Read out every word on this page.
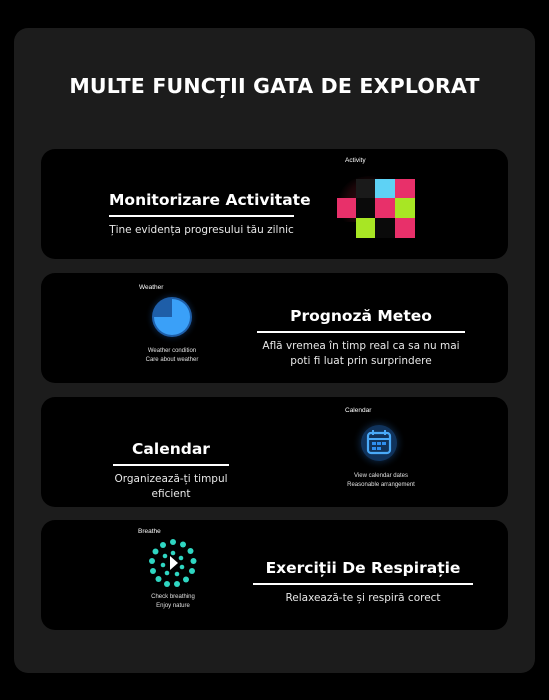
MULTE FUNCȚII GATA DE EXPLORAT
Monitorizare Activitate
Ține evidența progresului tău zilnic
Activity
Weather
Weather condition
Care about weather
Prognoză Meteo
Află vremea în timp real ca sa nu mai
poti fi luat prin surprindere
Calendar
Organizează-ți timpul
eficient
Calendar
View calendar dates
Reasonable arrangement
Breathe
Check breathing
Enjoy nature
Exerciții De Respirație
Relaxează-te și respiră corect
